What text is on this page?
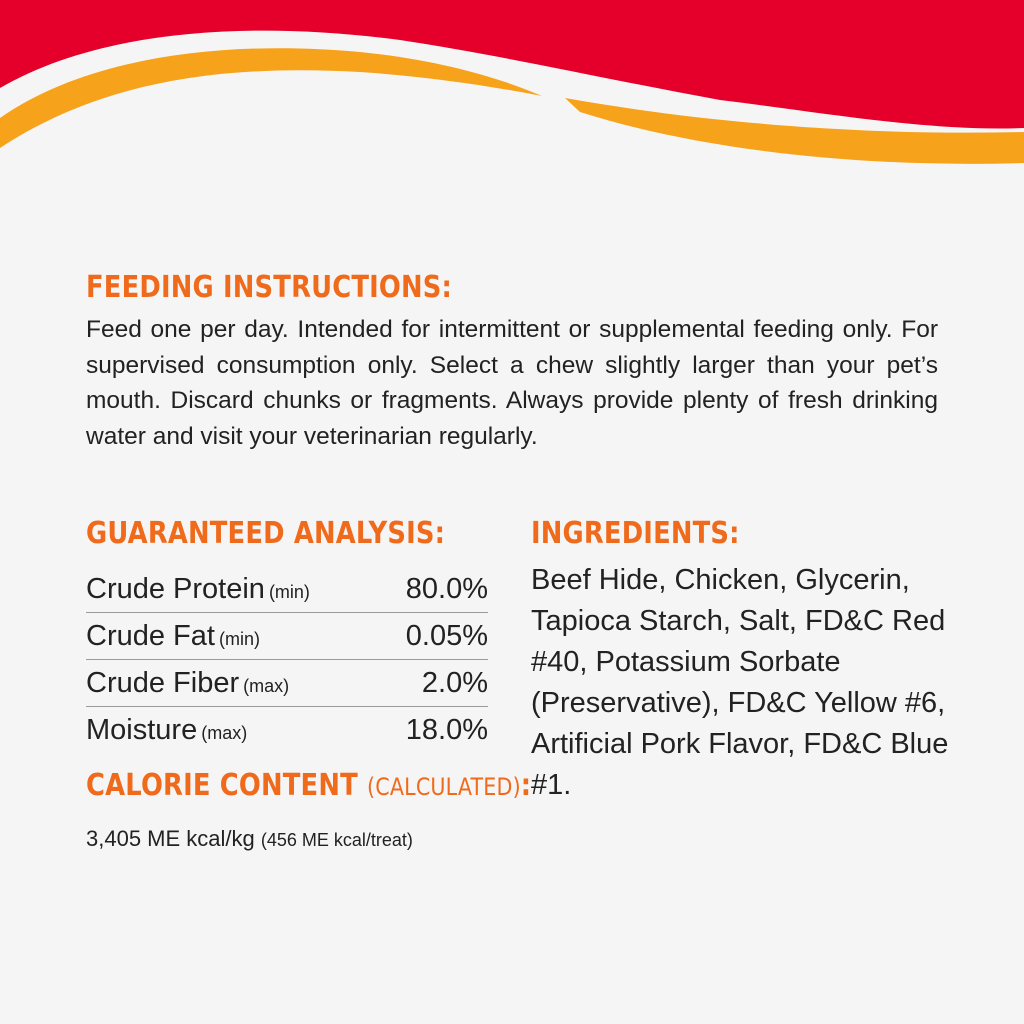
FEEDING INSTRUCTIONS:

Feed one per day. Intended for intermittent or supplemental feeding only. For supervised consumption only. Select a chew slightly larger than your pet’s mouth. Discard chunks or fragments. Always provide plenty of fresh drinking water and visit your veterinarian regularly.

GUARANTEED ANALYSIS:
Crude Protein (min)	80.0%
Crude Fat (min)	0.05%
Crude Fiber (max)	2.0%
Moisture (max)	18.0%
CALORIE CONTENT (CALCULATED):
3,405 ME kcal/kg (456 ME kcal/treat)
INGREDIENTS:

Beef Hide, Chicken, Glycerin, Tapioca Starch, Salt, FD&C Red #40, Potassium Sorbate (Preservative), FD&C Yellow #6, Artificial Pork Flavor, FD&C Blue #1.
